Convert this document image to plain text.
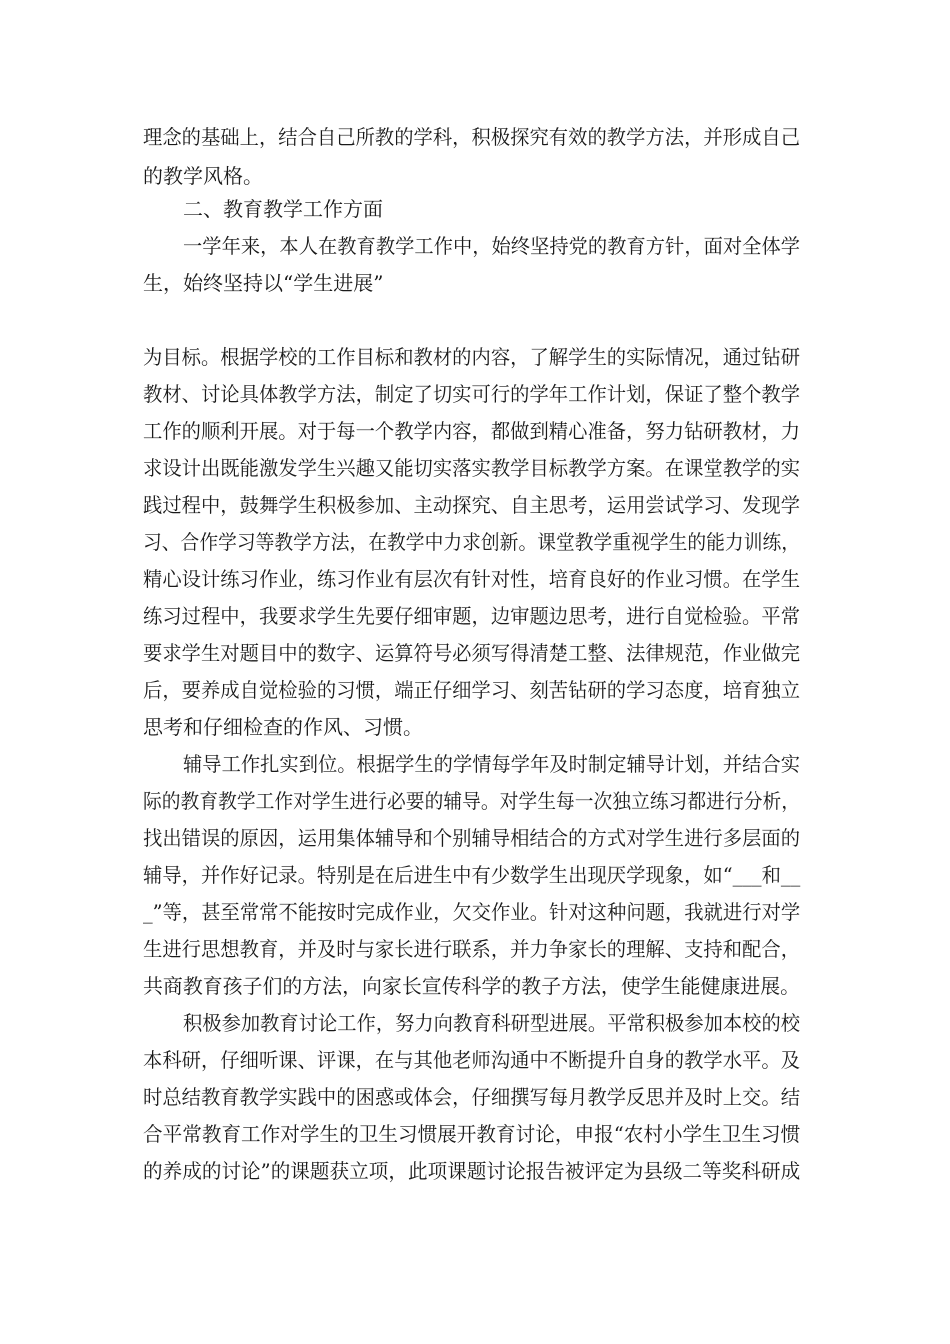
理念的基础上，结合自己所教的学科，积极探究有效的教学方法，并形成自己
的教学风格。
二、教育教学工作方面
一学年来，本人在教育教学工作中，始终坚持党的教育方针，面对全体学
生，始终坚持以“学生进展”
为目标。根据学校的工作目标和教材的内容，了解学生的实际情况，通过钻研
教材、讨论具体教学方法，制定了切实可行的学年工作计划，保证了整个教学
工作的顺利开展。对于每一个教学内容，都做到精心准备，努力钻研教材，力
求设计出既能激发学生兴趣又能切实落实教学目标教学方案。在课堂教学的实
践过程中，鼓舞学生积极参加、主动探究、自主思考，运用尝试学习、发现学
习、合作学习等教学方法，在教学中力求创新。课堂教学重视学生的能力训练，
精心设计练习作业，练习作业有层次有针对性，培育良好的作业习惯。在学生
练习过程中，我要求学生先要仔细审题，边审题边思考，进行自觉检验。平常
要求学生对题目中的数字、运算符号必须写得清楚工整、法律规范，作业做完
后，要养成自觉检验的习惯，端正仔细学习、刻苦钻研的学习态度，培育独立
思考和仔细检查的作风、习惯。
辅导工作扎实到位。根据学生的学情每学年及时制定辅导计划，并结合实
际的教育教学工作对学生进行必要的辅导。对学生每一次独立练习都进行分析，
找出错误的原因，运用集体辅导和个别辅导相结合的方式对学生进行多层面的
辅导，并作好记录。特别是在后进生中有少数学生出现厌学现象，如“___和__
_”等，甚至常常不能按时完成作业，欠交作业。针对这种问题，我就进行对学
生进行思想教育，并及时与家长进行联系，并力争家长的理解、支持和配合，
共商教育孩子们的方法，向家长宣传科学的教子方法，使学生能健康进展。
积极参加教育讨论工作，努力向教育科研型进展。平常积极参加本校的校
本科研，仔细听课、评课，在与其他老师沟通中不断提升自身的教学水平。及
时总结教育教学实践中的困惑或体会，仔细撰写每月教学反思并及时上交。结
合平常教育工作对学生的卫生习惯展开教育讨论，申报“农村小学生卫生习惯
的养成的讨论”的课题获立项，此项课题讨论报告被评定为县级二等奖科研成
